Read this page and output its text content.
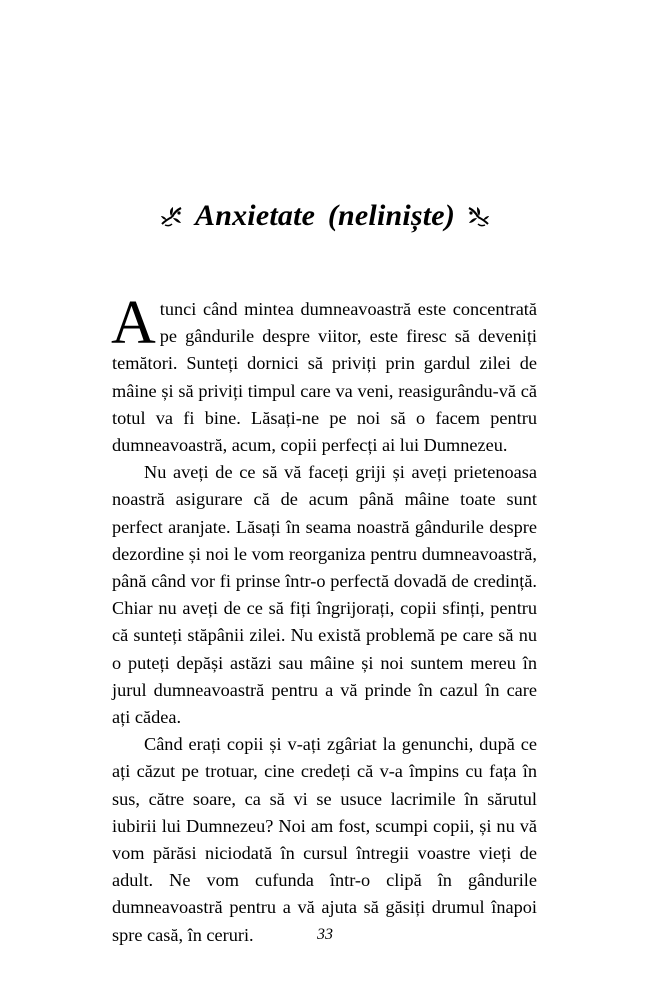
Anxietate (neliniște)

Atunci când mintea dumneavoastră este concentrată pe gândurile despre viitor, este firesc să deveniți temători. Sunteți dornici să priviți prin gardul zilei de mâine și să priviți timpul care va veni, reasigurându-vă că totul va fi bine. Lăsați-ne pe noi să o facem pentru dumneavoastră, acum, copii perfecți ai lui Dumnezeu.

Nu aveți de ce să vă faceți griji și aveți prietenoasa noastră asigurare că de acum până mâine toate sunt perfect aranjate. Lăsați în seama noastră gândurile despre dezordine și noi le vom reorganiza pentru dumneavoastră, până când vor fi prinse într-o perfectă dovadă de credință. Chiar nu aveți de ce să fiți îngrijorați, copii sfinți, pentru că sunteți stăpânii zilei. Nu există problemă pe care să nu o puteți depăși astăzi sau mâine și noi suntem mereu în jurul dumneavoastră pentru a vă prinde în cazul în care ați cădea.

Când erați copii și v-ați zgâriat la genunchi, după ce ați căzut pe trotuar, cine credeți că v-a împins cu fața în sus, către soare, ca să vi se usuce lacrimile în sărutul iubirii lui Dumnezeu? Noi am fost, scumpi copii, și nu vă vom părăsi niciodată în cursul întregii voastre vieți de adult. Ne vom cufunda într-o clipă în gândurile dumneavoastră pentru a vă ajuta să găsiți drumul înapoi spre casă, în ceruri.	33
